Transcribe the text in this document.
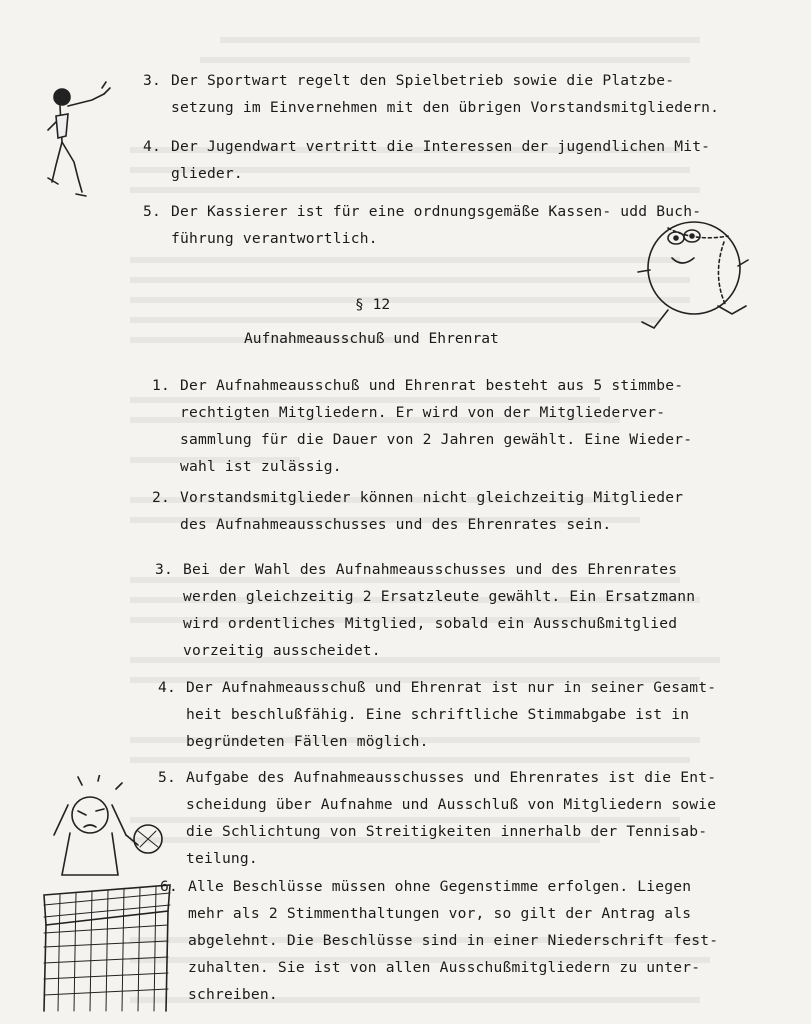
3. Der Sportwart regelt den Spielbetrieb sowie die Platzbe-
setzung im Einvernehmen mit den übrigen Vorstandsmitgliedern.
4. Der Jugendwart vertritt die Interessen der jugendlichen Mit-
glieder.
5. Der Kassierer ist für eine ordnungsgemäße Kassen- udd Buch-
führung verantwortlich.
§ 12
Aufnahmeausschuß und Ehrenrat
1. Der Aufnahmeausschuß und Ehrenrat besteht aus 5 stimmbe-
rechtigten Mitgliedern. Er wird von der Mitgliederver-
sammlung für die Dauer von 2 Jahren gewählt. Eine Wieder-
wahl ist zulässig.
2. Vorstandsmitglieder können nicht gleichzeitig Mitglieder
des Aufnahmeausschusses und des Ehrenrates sein.
3. Bei der Wahl des Aufnahmeausschusses und des Ehrenrates
werden gleichzeitig 2 Ersatzleute gewählt. Ein Ersatzmann
wird ordentliches Mitglied, sobald ein Ausschußmitglied
vorzeitig ausscheidet.
4. Der Aufnahmeausschuß und Ehrenrat ist nur in seiner Gesamt-
heit beschlußfähig. Eine schriftliche Stimmabgabe ist in
begründeten Fällen möglich.
5. Aufgabe des Aufnahmeausschusses und Ehrenrates ist die Ent-
scheidung über Aufnahme und Ausschluß von Mitgliedern sowie
die Schlichtung von Streitigkeiten innerhalb der Tennisab-
teilung.
6. Alle Beschlüsse müssen ohne Gegenstimme erfolgen. Liegen
mehr als 2 Stimmenthaltungen vor, so gilt der Antrag als
abgelehnt. Die Beschlüsse sind in einer Niederschrift fest-
zuhalten. Sie ist von allen Ausschußmitgliedern zu unter-
schreiben.
